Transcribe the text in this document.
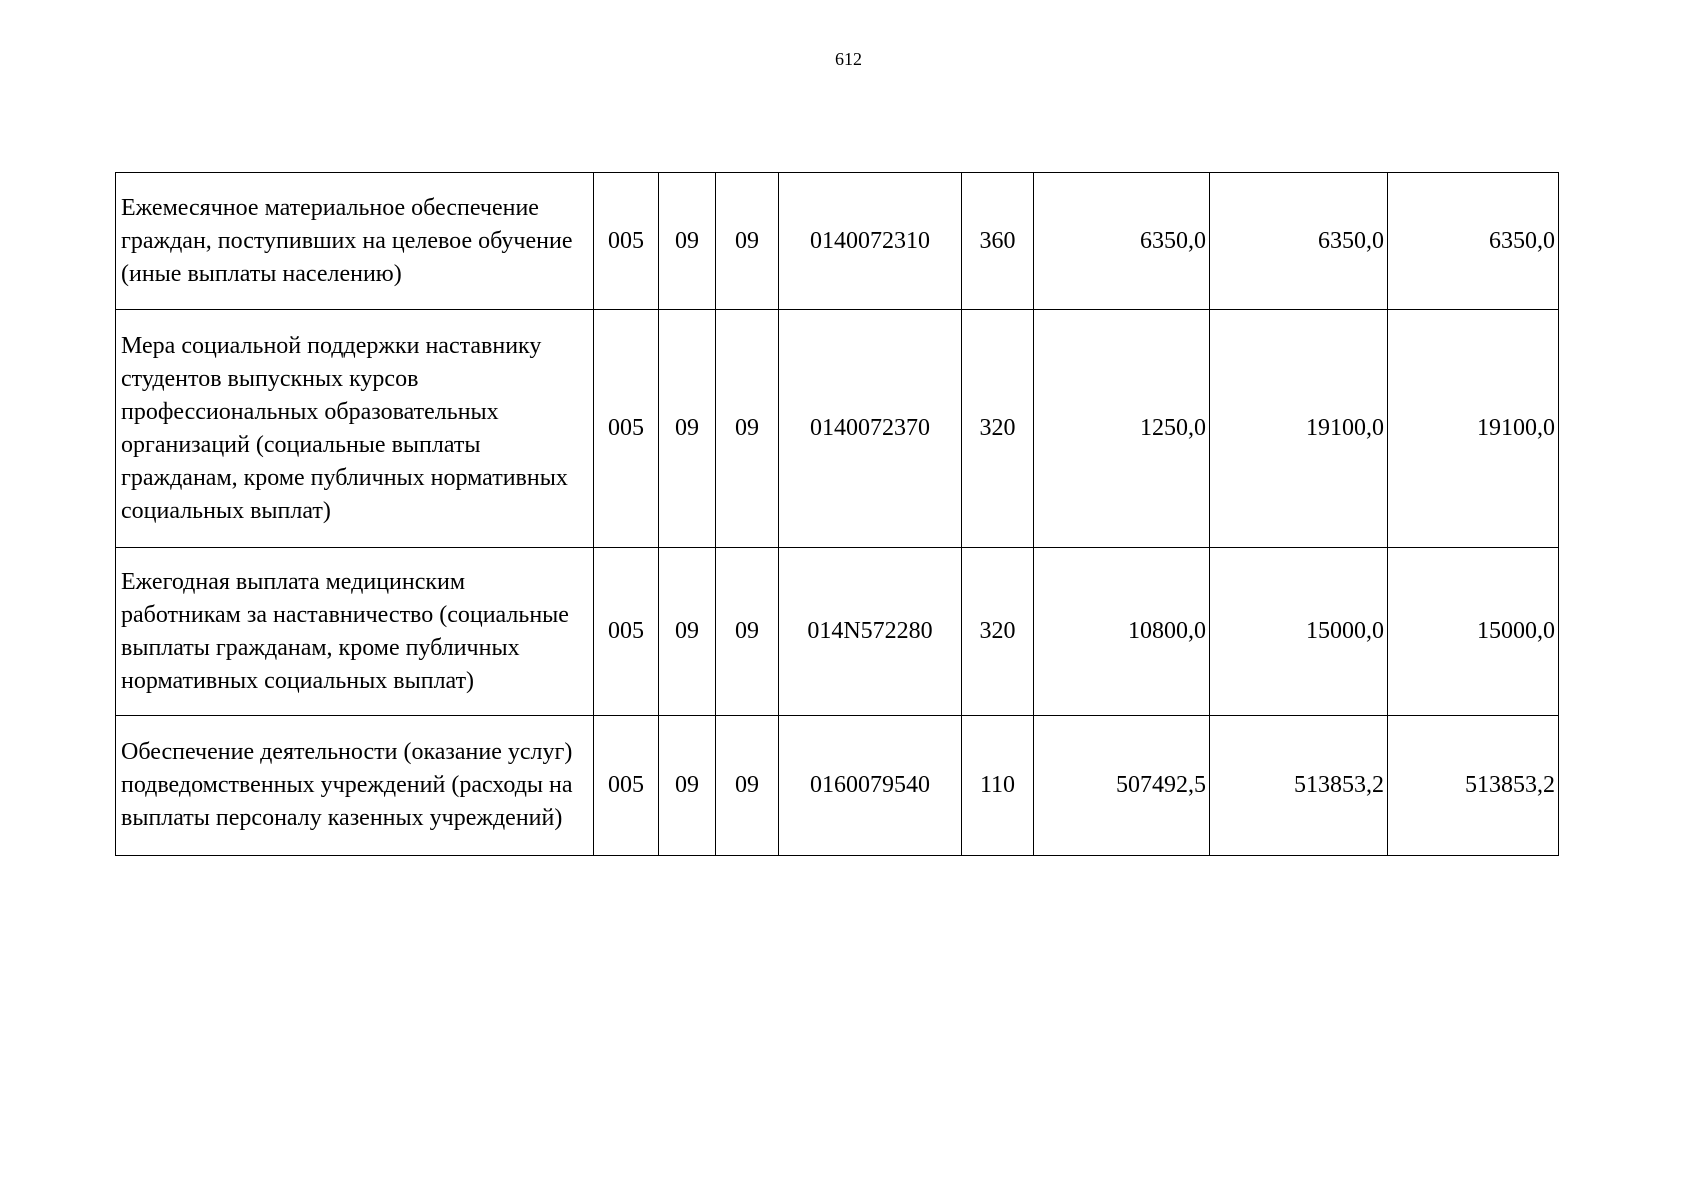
612
Ежемесячное материальное обеспечение граждан, поступивших на целевое обучение (иные выплаты населению)	005	09	09	0140072310	360	6350,0	6350,0	6350,0
Мера социальной поддержки наставнику студентов выпускных курсов профессиональных образовательных организаций (социальные выплаты гражданам, кроме публичных нормативных социальных выплат)	005	09	09	0140072370	320	1250,0	19100,0	19100,0
Ежегодная выплата медицинским работникам за наставничество (социальные выплаты гражданам, кроме публичных нормативных социальных выплат)	005	09	09	014N572280	320	10800,0	15000,0	15000,0
Обеспечение деятельности (оказание услуг) подведомственных учреждений (расходы на выплаты персоналу казенных учреждений)	005	09	09	0160079540	110	507492,5	513853,2	513853,2
